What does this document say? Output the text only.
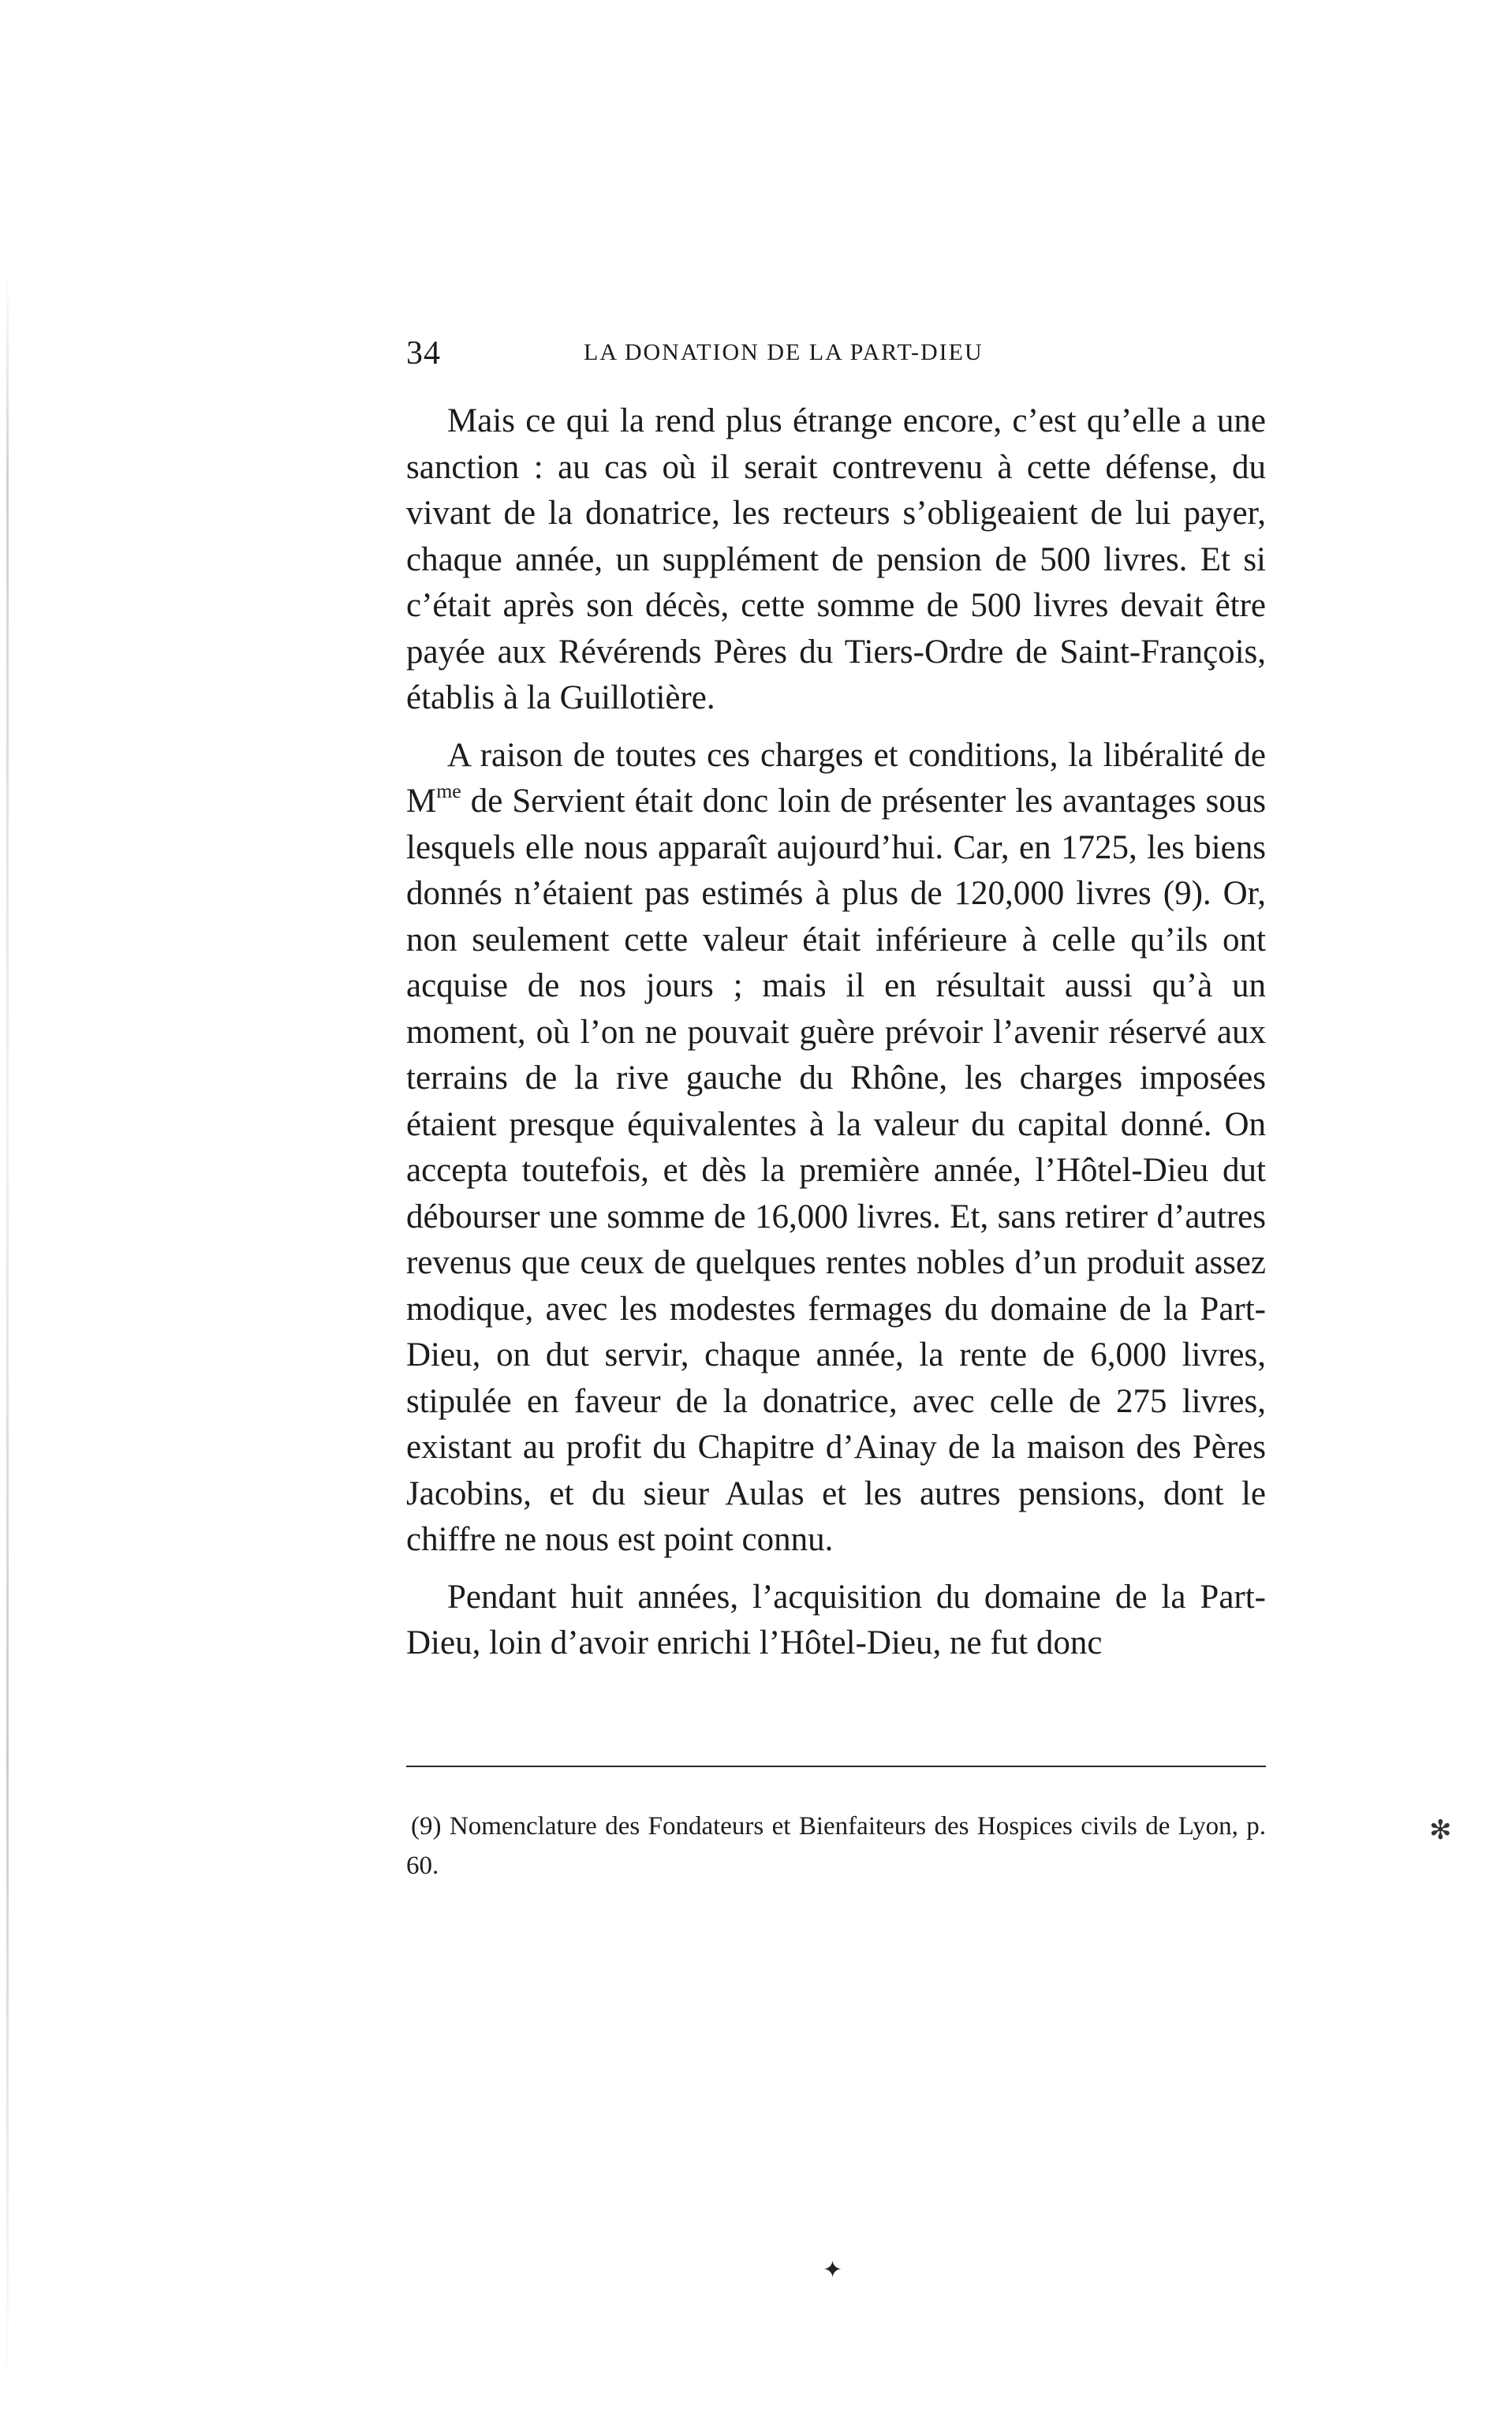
34	LA DONATION DE LA PART-DIEU

Mais ce qui la rend plus étrange encore, c’est qu’elle a une sanction : au cas où il serait contrevenu à cette défense, du vivant de la donatrice, les recteurs s’obligeaient de lui payer, chaque année, un supplément de pension de 500 livres. Et si c’était après son décès, cette somme de 500 livres devait être payée aux Révérends Pères du Tiers-Ordre de Saint-François, établis à la Guillotière.

A raison de toutes ces charges et conditions, la libéralité de $M^{me}$ de Servient était donc loin de présenter les avantages sous lesquels elle nous apparaît aujourd’hui. Car, en 1725, les biens donnés n’étaient pas estimés à plus de 120,000 livres (9). Or, non seulement cette valeur était inférieure à celle qu’ils ont acquise de nos jours ; mais il en résultait aussi qu’à un moment, où l’on ne pouvait guère prévoir l’avenir réservé aux terrains de la rive gauche du Rhône, les charges imposées étaient presque équivalentes à la valeur du capital donné. On accepta toutefois, et dès la première année, l’Hôtel-Dieu dut débourser une somme de 16,000 livres. Et, sans retirer d’autres revenus que ceux de quelques rentes nobles d’un produit assez modique, avec les modestes fermages du domaine de la Part-Dieu, on dut servir, chaque année, la rente de 6,000 livres, stipulée en faveur de la donatrice, avec celle de 275 livres, existant au profit du Chapitre d’Ainay de la maison des Pères Jacobins, et du sieur Aulas et les autres pensions, dont le chiffre ne nous est point connu.

Pendant huit années, l’acquisition du domaine de la Part-Dieu, loin d’avoir enrichi l’Hôtel-Dieu, ne fut donc

(9) Nomenclature des Fondateurs et Bienfaiteurs des Hospices civils de Lyon, p. 60.

✻
✦
